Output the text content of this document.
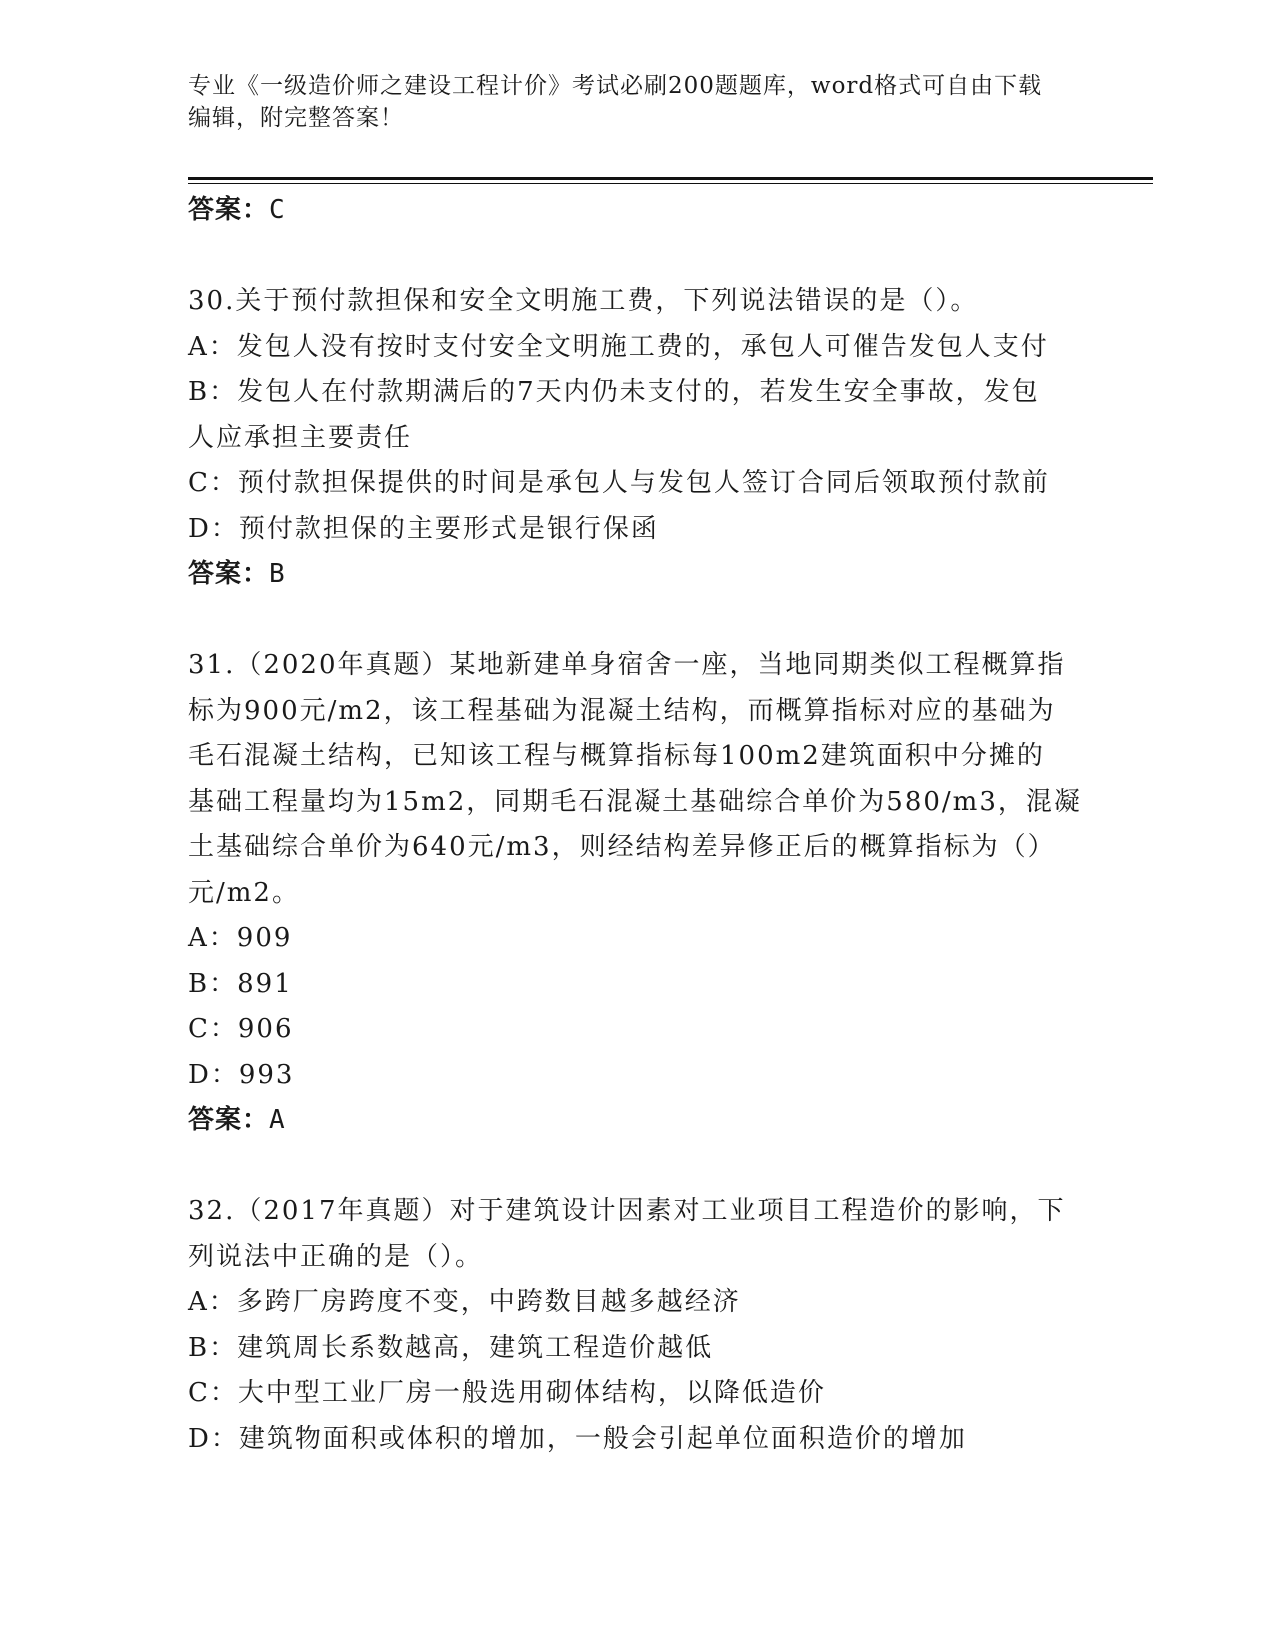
专业《一级造价师之建设工程计价》考试必刷200题题库，word格式可自由下载
编辑，附完整答案！
答案：C
30.关于预付款担保和安全文明施工费，下列说法错误的是（）。
A：发包人没有按时支付安全文明施工费的，承包人可催告发包人支付
B：发包人在付款期满后的7天内仍未支付的，若发生安全事故，发包
人应承担主要责任
C：预付款担保提供的时间是承包人与发包人签订合同后领取预付款前
D：预付款担保的主要形式是银行保函
答案：B
31.（2020年真题）某地新建单身宿舍一座，当地同期类似工程概算指
标为900元/m2，该工程基础为混凝土结构，而概算指标对应的基础为
毛石混凝土结构，已知该工程与概算指标每100m2建筑面积中分摊的
基础工程量均为15m2，同期毛石混凝土基础综合单价为580/m3，混凝
土基础综合单价为640元/m3，则经结构差异修正后的概算指标为（）
元/m2。
A：909
B：891
C：906
D：993
答案：A
32.（2017年真题）对于建筑设计因素对工业项目工程造价的影响，下
列说法中正确的是（）。
A：多跨厂房跨度不变，中跨数目越多越经济
B：建筑周长系数越高，建筑工程造价越低
C：大中型工业厂房一般选用砌体结构，以降低造价
D：建筑物面积或体积的增加，一般会引起单位面积造价的增加
